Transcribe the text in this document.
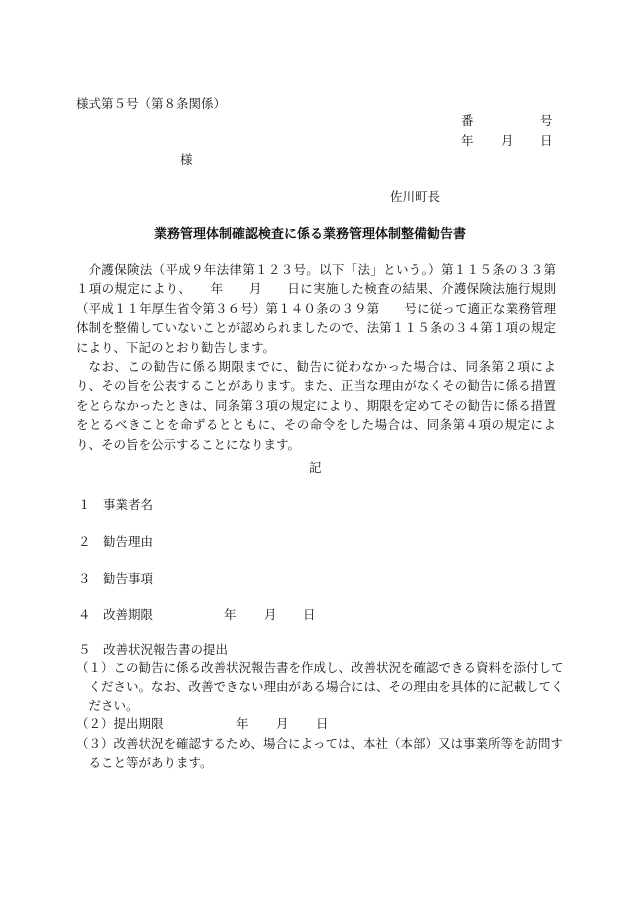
様式第５号（第８条関係）
番	号
年 月 日
様
佐川町長
業務管理体制確認検査に係る業務管理体制整備勧告書
介護保険法（平成９年法律第１２３号。以下「法」という。）第１１５条の３３第１項の規定により、　　年　　月　　日に実施した検査の結果、介護保険法施行規則（平成１１年厚生省令第３６号）第１４０条の３９第　　号に従って適正な業務管理体制を整備していないことが認められましたので、法第１１５条の３４第１項の規定により、下記のとおり勧告します。
なお、この勧告に係る期限までに、勧告に従わなかった場合は、同条第２項により、その旨を公表することがあります。また、正当な理由がなくその勧告に係る措置をとらなかったときは、同条第３項の規定により、期限を定めてその勧告に係る措置をとるべきことを命ずるとともに、その命令をした場合は、同条第４項の規定により、その旨を公示することになります。
記
１　事業者名
２　勧告理由
３　勧告事項
４　改善期限	年 月 日
５　改善状況報告書の提出
（１）この勧告に係る改善状況報告書を作成し、改善状況を確認できる資料を添付してください。なお、改善できない理由がある場合には、その理由を具体的に記載してください。
（２）提出期限	年 月 日
（３）改善状況を確認するため、場合によっては、本社（本部）又は事業所等を訪問すること等があります。
